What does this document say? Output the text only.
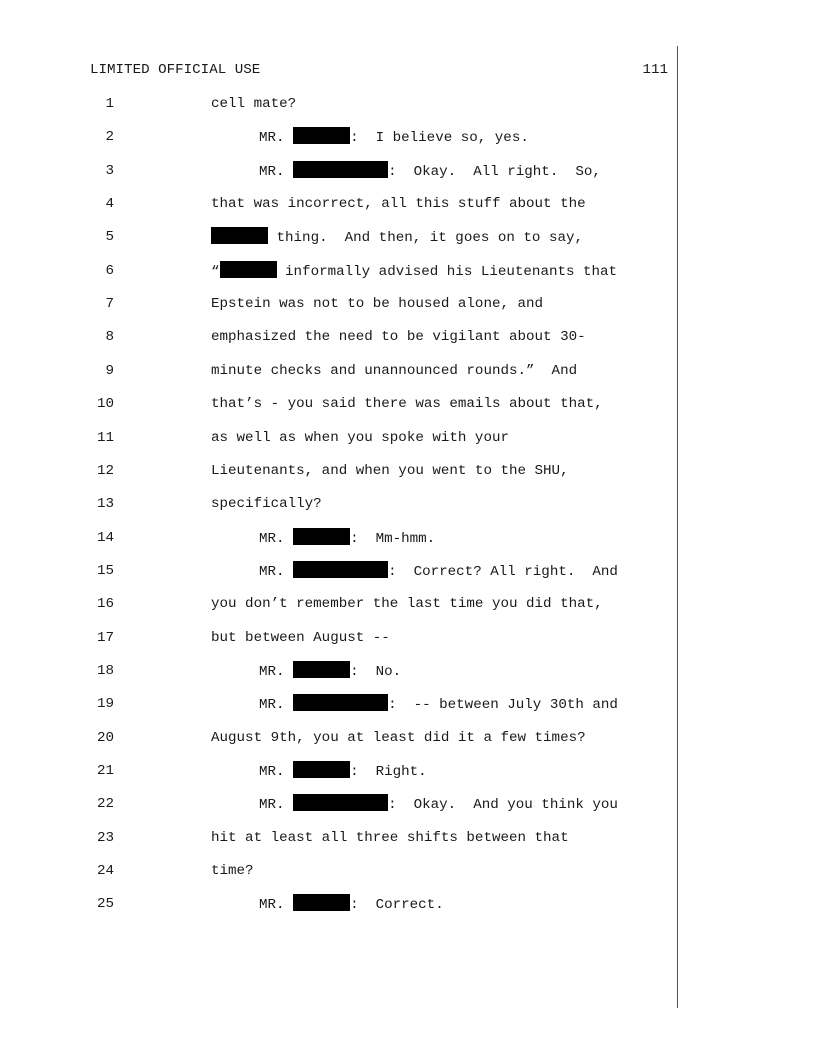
LIMITED OFFICIAL USE	111
1	cell mate?
2	MR.	:  I believe so, yes.
3	MR.	:  Okay.  All right.  So,
4	that was incorrect, all this stuff about the
5	thing.  And then, it goes on to say,
6	“	informally advised his Lieutenants that
7	Epstein was not to be housed alone, and
8	emphasized the need to be vigilant about 30-
9	minute checks and unannounced rounds.”  And
10	that’s - you said there was emails about that,
11	as well as when you spoke with your
12	Lieutenants, and when you went to the SHU,
13	specifically?
14	MR.	:  Mm-hmm.
15	MR.	:  Correct? All right.  And
16	you don’t remember the last time you did that,
17	but between August --
18	MR.	:  No.
19	MR.	:  -- between July 30th and
20	August 9th, you at least did it a few times?
21	MR.	:  Right.
22	MR.	:  Okay.  And you think you
23	hit at least all three shifts between that
24	time?
25	MR.	:  Correct.
